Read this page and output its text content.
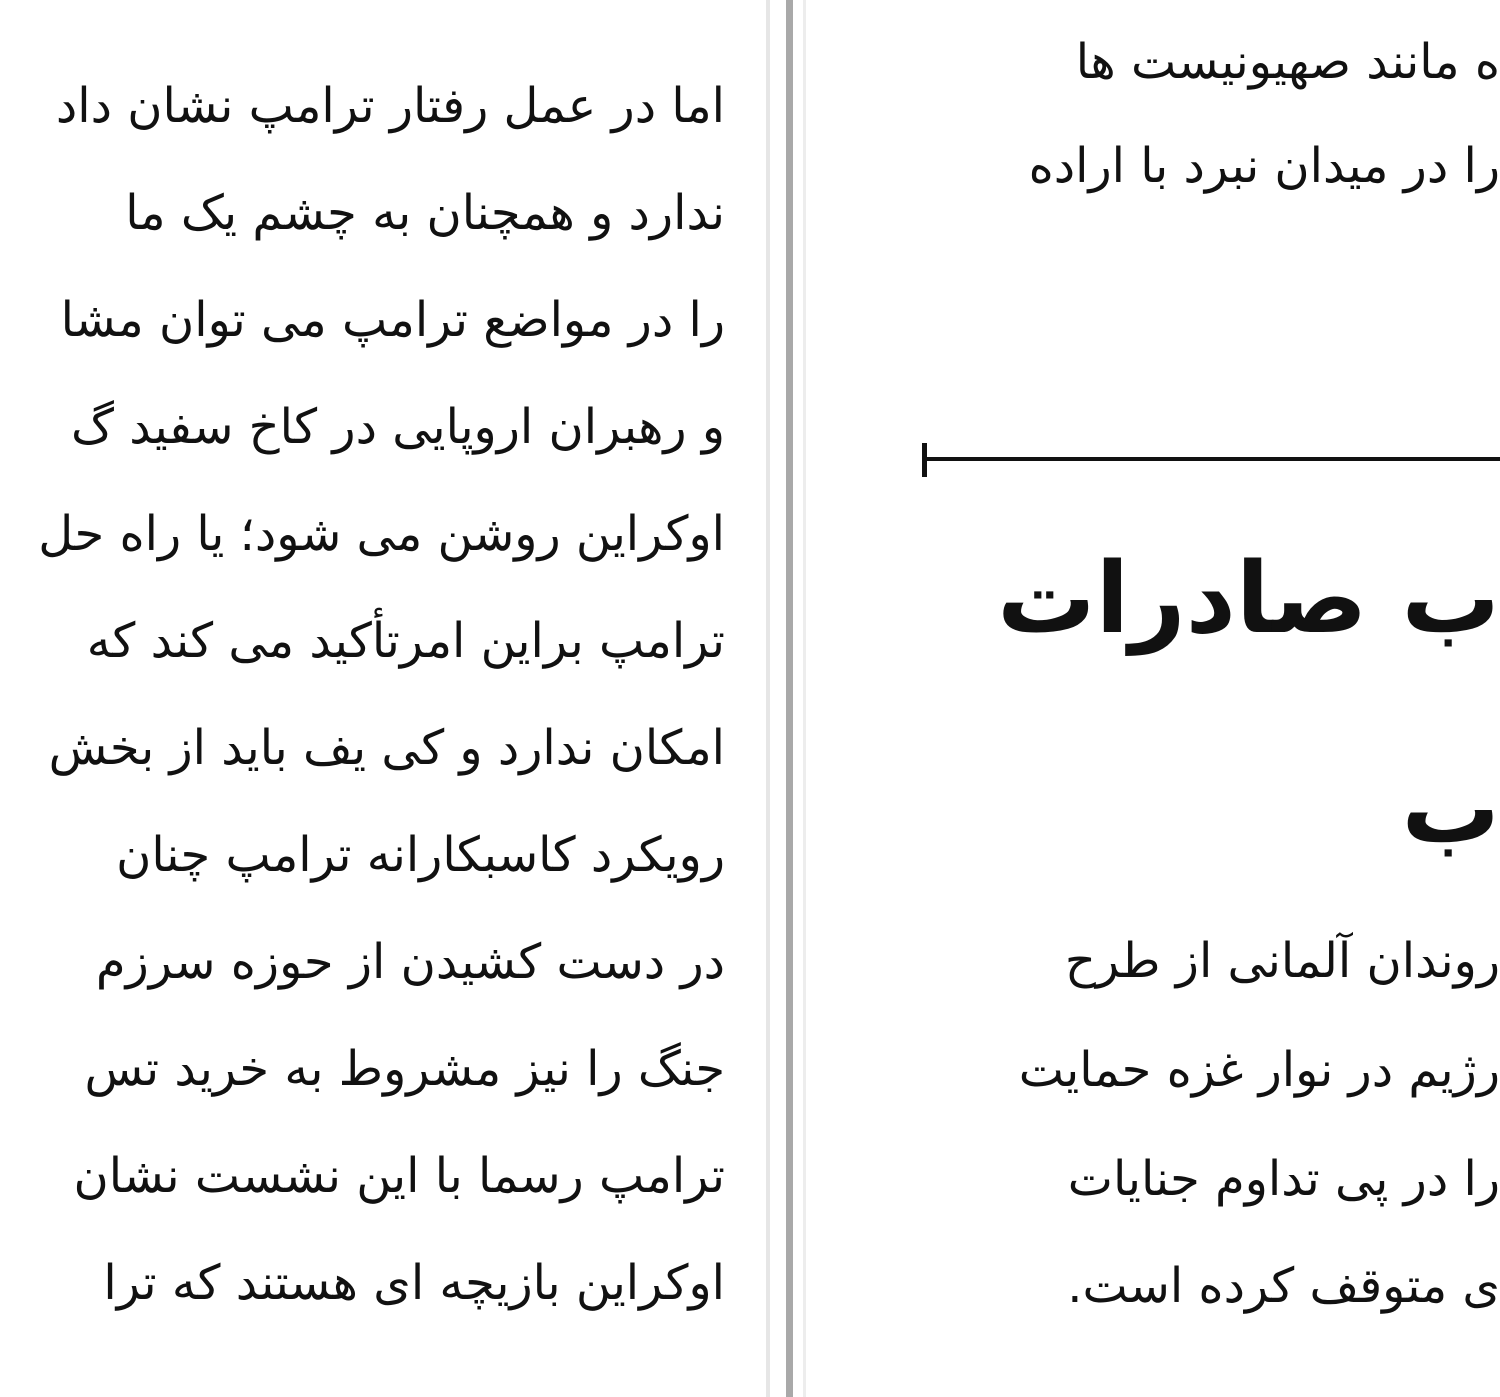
اما در عمل رفتار ترامپ نشان داد
ندارد و همچنان به چشم یک ما
را در مواضع ترامپ می توان مشا
و رهبران اروپایی در کاخ سفید گ
اوکراین روشن می شود؛ یا راه حل
ترامپ براین امرتأکید می کند که
امکان ندارد و کی یف باید از بخش
رویکرد کاسبکارانه ترامپ چنان
در دست کشیدن از حوزه سرزم
جنگ را نیز مشروط به خرید تس
ترامپ رسما با این نشست نشان
اوکراین بازیچه ای هستند که ترا
ه مانند صهیونیست ها
را در میدان نبرد با اراده
ب صادرات
ب
روندان آلمانی از طرح
رژیم در نوار غزه حمایت
را در پی تداوم جنایات
ی متوقف کرده است.
